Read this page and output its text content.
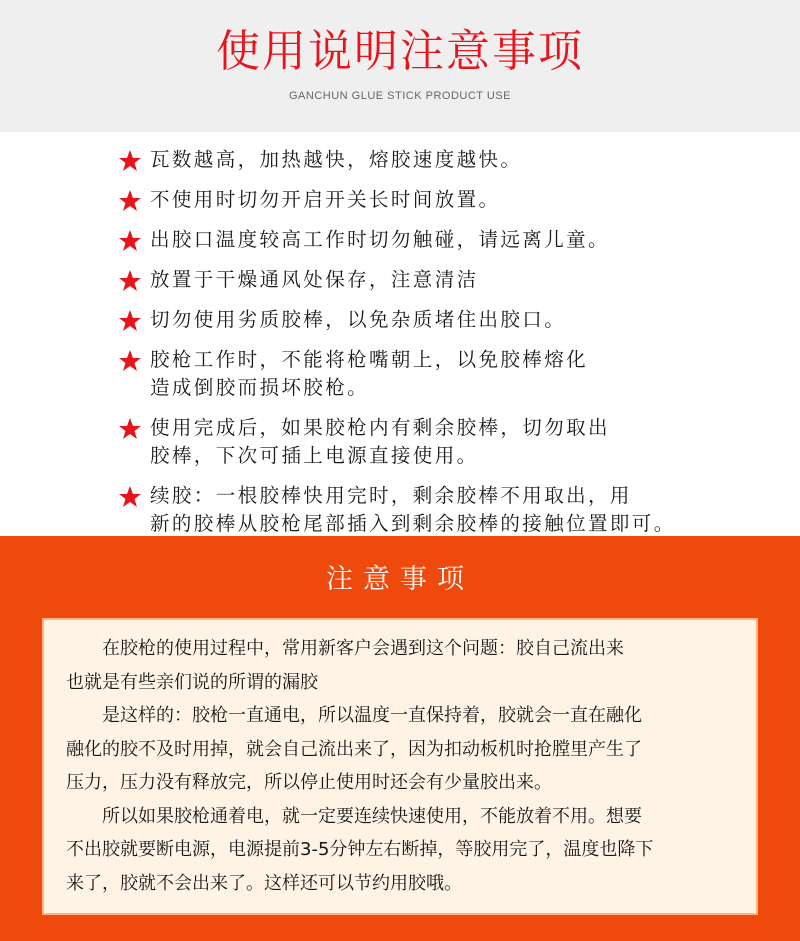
使用说明注意事项
GANCHUN GLUE STICK PRODUCT USE
瓦数越高，加热越快，熔胶速度越快。
不使用时切勿开启开关长时间放置。
出胶口温度较高工作时切勿触碰，请远离儿童。
放置于干燥通风处保存，注意清洁
切勿使用劣质胶棒，以免杂质堵住出胶口。
胶枪工作时，不能将枪嘴朝上，以免胶棒熔化
造成倒胶而损坏胶枪。
使用完成后，如果胶枪内有剩余胶棒，切勿取出
胶棒，下次可插上电源直接使用。
续胶：一根胶棒快用完时，剩余胶棒不用取出，用
新的胶棒从胶枪尾部插入到剩余胶棒的接触位置即可。
注意事项

在胶枪的使用过程中，常用新客户会遇到这个问题：胶自己流出来

也就是有些亲们说的所谓的漏胶

是这样的：胶枪一直通电，所以温度一直保持着，胶就会一直在融化

融化的胶不及时用掉，就会自己流出来了，因为扣动板机时抢膛里产生了

压力，压力没有释放完，所以停止使用时还会有少量胶出来。

所以如果胶枪通着电，就一定要连续快速使用，不能放着不用。想要

不出胶就要断电源，电源提前3-5分钟左右断掉，等胶用完了，温度也降下

来了，胶就不会出来了。这样还可以节约用胶哦。
